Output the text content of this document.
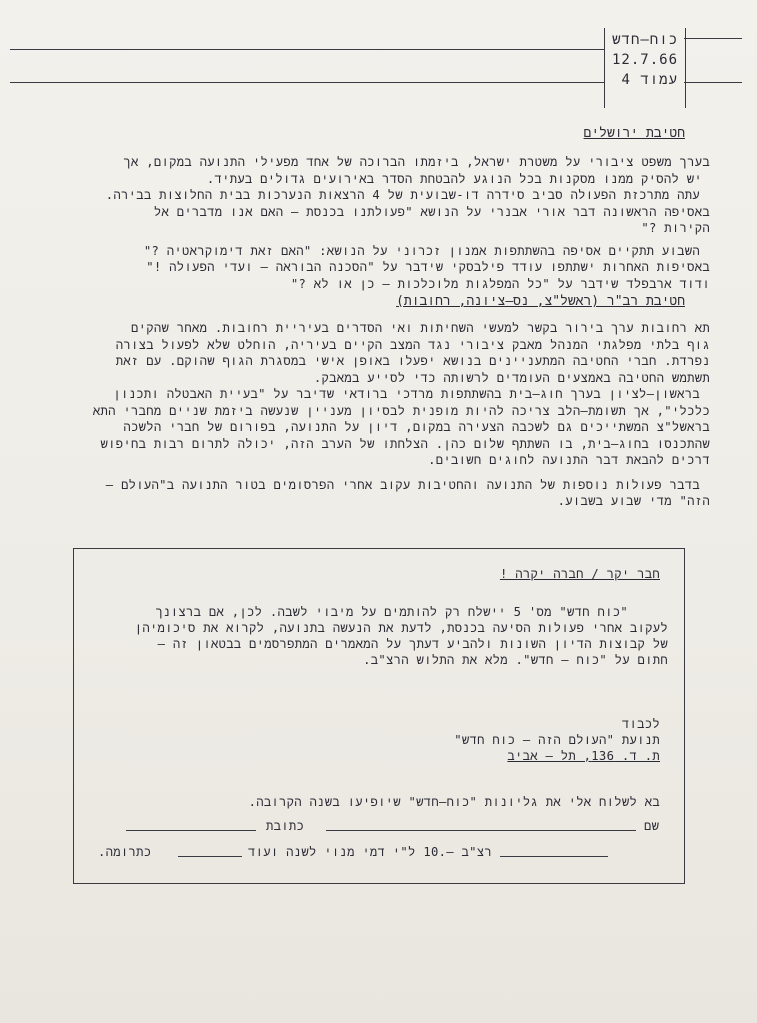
כוח–חדש
12.7.66
עמוד 4
חטיבת ירושלים

בערך משפט ציבורי על משטרת ישראל, ביזמתו הברוכה של אחד מפעילי התנועה במקום, אך

יש להסיק ממנו מסקנות בכל הנוגע להבטחת הסדר באירועים גדולים בעתיד.

עתה מתרכזת הפעולה סביב סידרה דו-שבועית של 4 הרצאות הנערכות בבית החלוצות בבירה.

באסיפה הראשונה דבר אורי אבנרי על הנושא "פעולתנו בכנסת – האם אנו מדברים אל

הקירות ?"

השבוע תתקיים אסיפה בהשתתפות אמנון זכרוני על הנושא: "האם זאת דימוקראטיה ?"

באסיפות האחרות ישתתפו עודד פילבסקי שידבר על "הסכנה הבוראה – ועדי הפעולה !"

ודוד ארבפלד שידבר על "כל המפלגות מלוכלכות – כן או לא ?"

חטיבת רב"ר (ראשל"צ, נס–ציונה, רחובות)

תא רחובות ערך בירור בקשר למעשי השחיתות ואי הסדרים בעיריית רחובות. מאחר שהקים

גוף בלתי מפלגתי המנהל מאבק ציבורי נגד המצב הקיים בעיריה, הוחלט שלא לפעול בצורה

נפרדת. חברי החטיבה המתעניינים בנושא יפעלו באופן אישי במסגרת הגוף שהוקם. עם זאת

תשתמש החטיבה באמצעים העומדים לרשותה כדי לסייע במאבק.

בראשון–לציון בערך חוג–בית בהשתתפות מרדכי ברודאי שדיבר על "בעיית האבטלה ותכנון

כלכלי", אך תשומת–הלב צריכה להיות מופנית לבסיון מעניין שנעשה ביזמת שניים מחברי התא

בראשל"צ המשתייכים גם לשכבה הצעירה במקום, דיון על התנועה, בפורום של חברי הלשכה

שהתכנסו בחוג–בית, בו השתתף שלום כהן. הצלחתו של הערב הזה, יכולה לתרום רבות בחיפוש

דרכים להבאת דבר התנועה לחוגים חשובים.

בדבר פעולות נוספות של התנועה והחטיבות עקוב אחרי הפרסומים בטור התנועה ב"העולם –

הזה" מדי שבוע בשבוע.

חבר יקר / חברה יקרה !

"כוח חדש" מס' 5 יישלח רק להותמים על מיבוי לשבה. לכן, אם ברצונך

לעקוב אחרי פעולות הסיעה בכנסת, לדעת את הנעשה בתנועה, לקרוא את סיכומיהן

של קבוצות הדיון השונות ולהביע דעתך על המאמרים המתפרסמים בבטאון זה –

חתום על "כוח – חדש". מלא את התלוש הרצ"ב.

לכבוד

תנועת "העולם הזה – כוח חדש"

ת. ד. 136, תל – אביב

בא לשלוח אלי את גליונות "כוח–חדש" שיופיעו בשנה הקרובה.
כתובת	שם
כתרומה.	רצ"ב –.10 ל"י דמי מנוי לשנה ועוד
